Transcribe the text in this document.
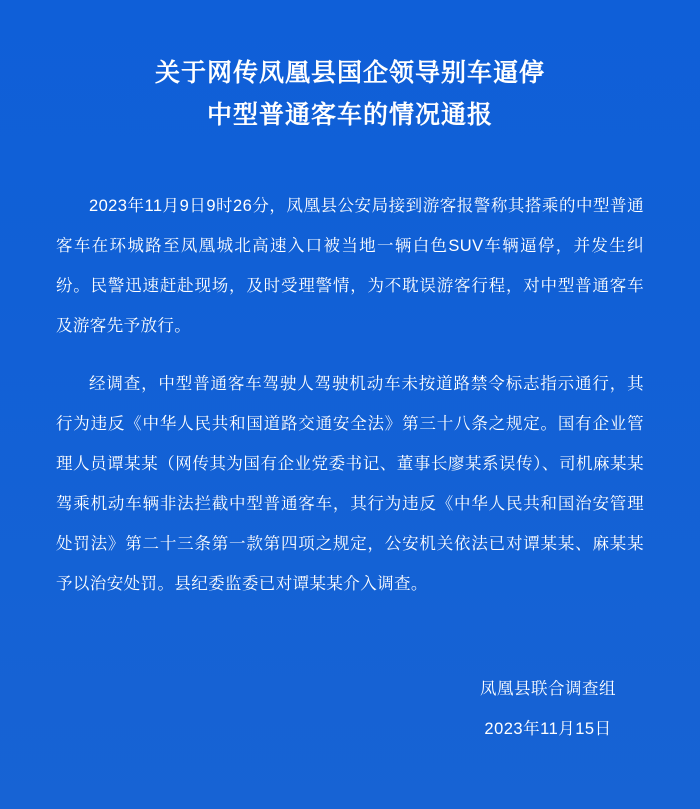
关于网传凤凰县国企领导别车逼停
中型普通客车的情况通报

2023年11月9日9时26分，凤凰县公安局接到游客报警称其搭乘的中型普通客车在环城路至凤凰城北高速入口被当地一辆白色SUV车辆逼停，并发生纠纷。民警迅速赶赴现场，及时受理警情，为不耽误游客行程，对中型普通客车及游客先予放行。

经调查，中型普通客车驾驶人驾驶机动车未按道路禁令标志指示通行，其行为违反《中华人民共和国道路交通安全法》第三十八条之规定。国有企业管理人员谭某某（网传其为国有企业党委书记、董事长廖某系误传）、司机麻某某驾乘机动车辆非法拦截中型普通客车，其行为违反《中华人民共和国治安管理处罚法》第二十三条第一款第四项之规定，公安机关依法已对谭某某、麻某某予以治安处罚。县纪委监委已对谭某某介入调查。

凤凰县联合调查组
2023年11月15日
